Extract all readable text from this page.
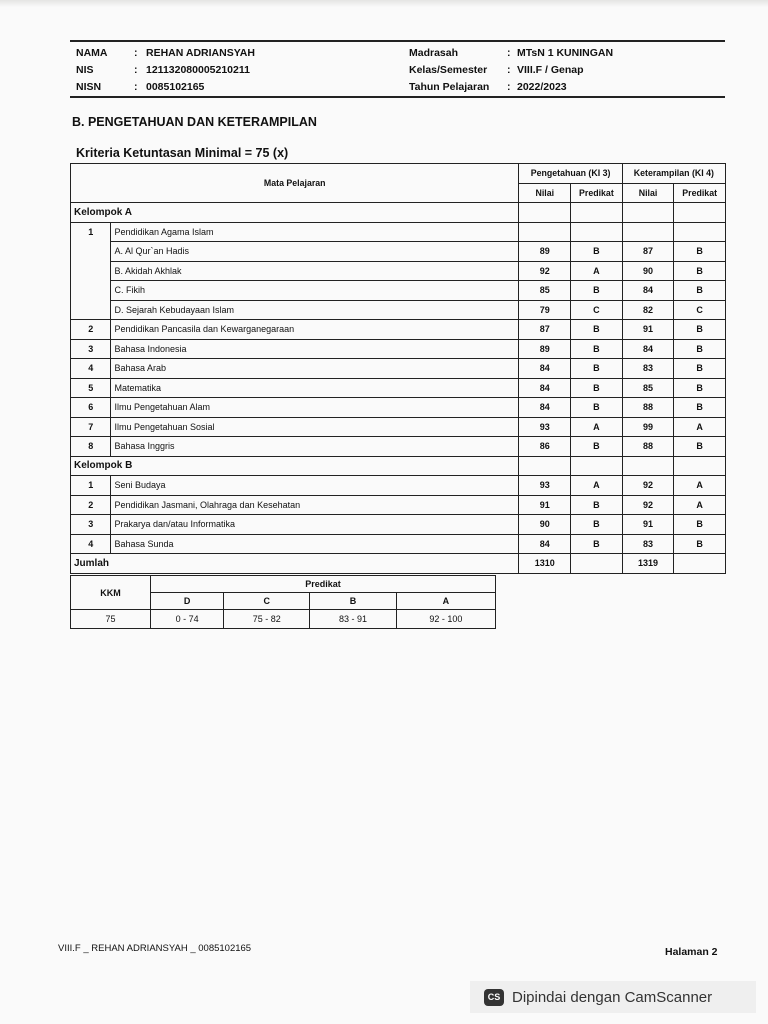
NAMA	: REHAN ADRIANSYAH	Madrasah	: MTsN 1 KUNINGAN
NIS	: 121132080005210211	Kelas/Semester : VIII.F / Genap
NISN	: 0085102165	Tahun Pelajaran : 2022/2023
B. PENGETAHUAN DAN KETERAMPILAN
Kriteria Ketuntasan Minimal = 75 (x)
Mata Pelajaran		Pengetahuan (KI 3)		Keterampilan (KI 4)	
		Nilai	Predikat	Nilai	Predikat
Kelompok A					
1	Pendidikan Agama Islam				
	A. Al Qur`an Hadis	89	B	87	B
	B. Akidah Akhlak	92	A	90	B
	C. Fikih	85	B	84	B
	D. Sejarah Kebudayaan Islam	79	C	82	C
2	Pendidikan Pancasila dan Kewarganegaraan	87	B	91	B
3	Bahasa Indonesia	89	B	84	B
4	Bahasa Arab	84	B	83	B
5	Matematika	84	B	85	B
6	Ilmu Pengetahuan Alam	84	B	88	B
7	Ilmu Pengetahuan Sosial	93	A	99	A
8	Bahasa Inggris	86	B	88	B
Kelompok B					
1	Seni Budaya	93	A	92	A
2	Pendidikan Jasmani, Olahraga dan Kesehatan	91	B	92	A
3	Prakarya dan/atau Informatika	90	B	91	B
4	Bahasa Sunda	84	B	83	B
Jumlah		1310		1319	
KKM	Predikat			
	D	C	B	A
75	0 - 74	75 - 82	83 - 91	92 - 100
VIII.F _ REHAN ADRIANSYAH _ 0085102165	Halaman 2
CS Dipindai dengan CamScanner
